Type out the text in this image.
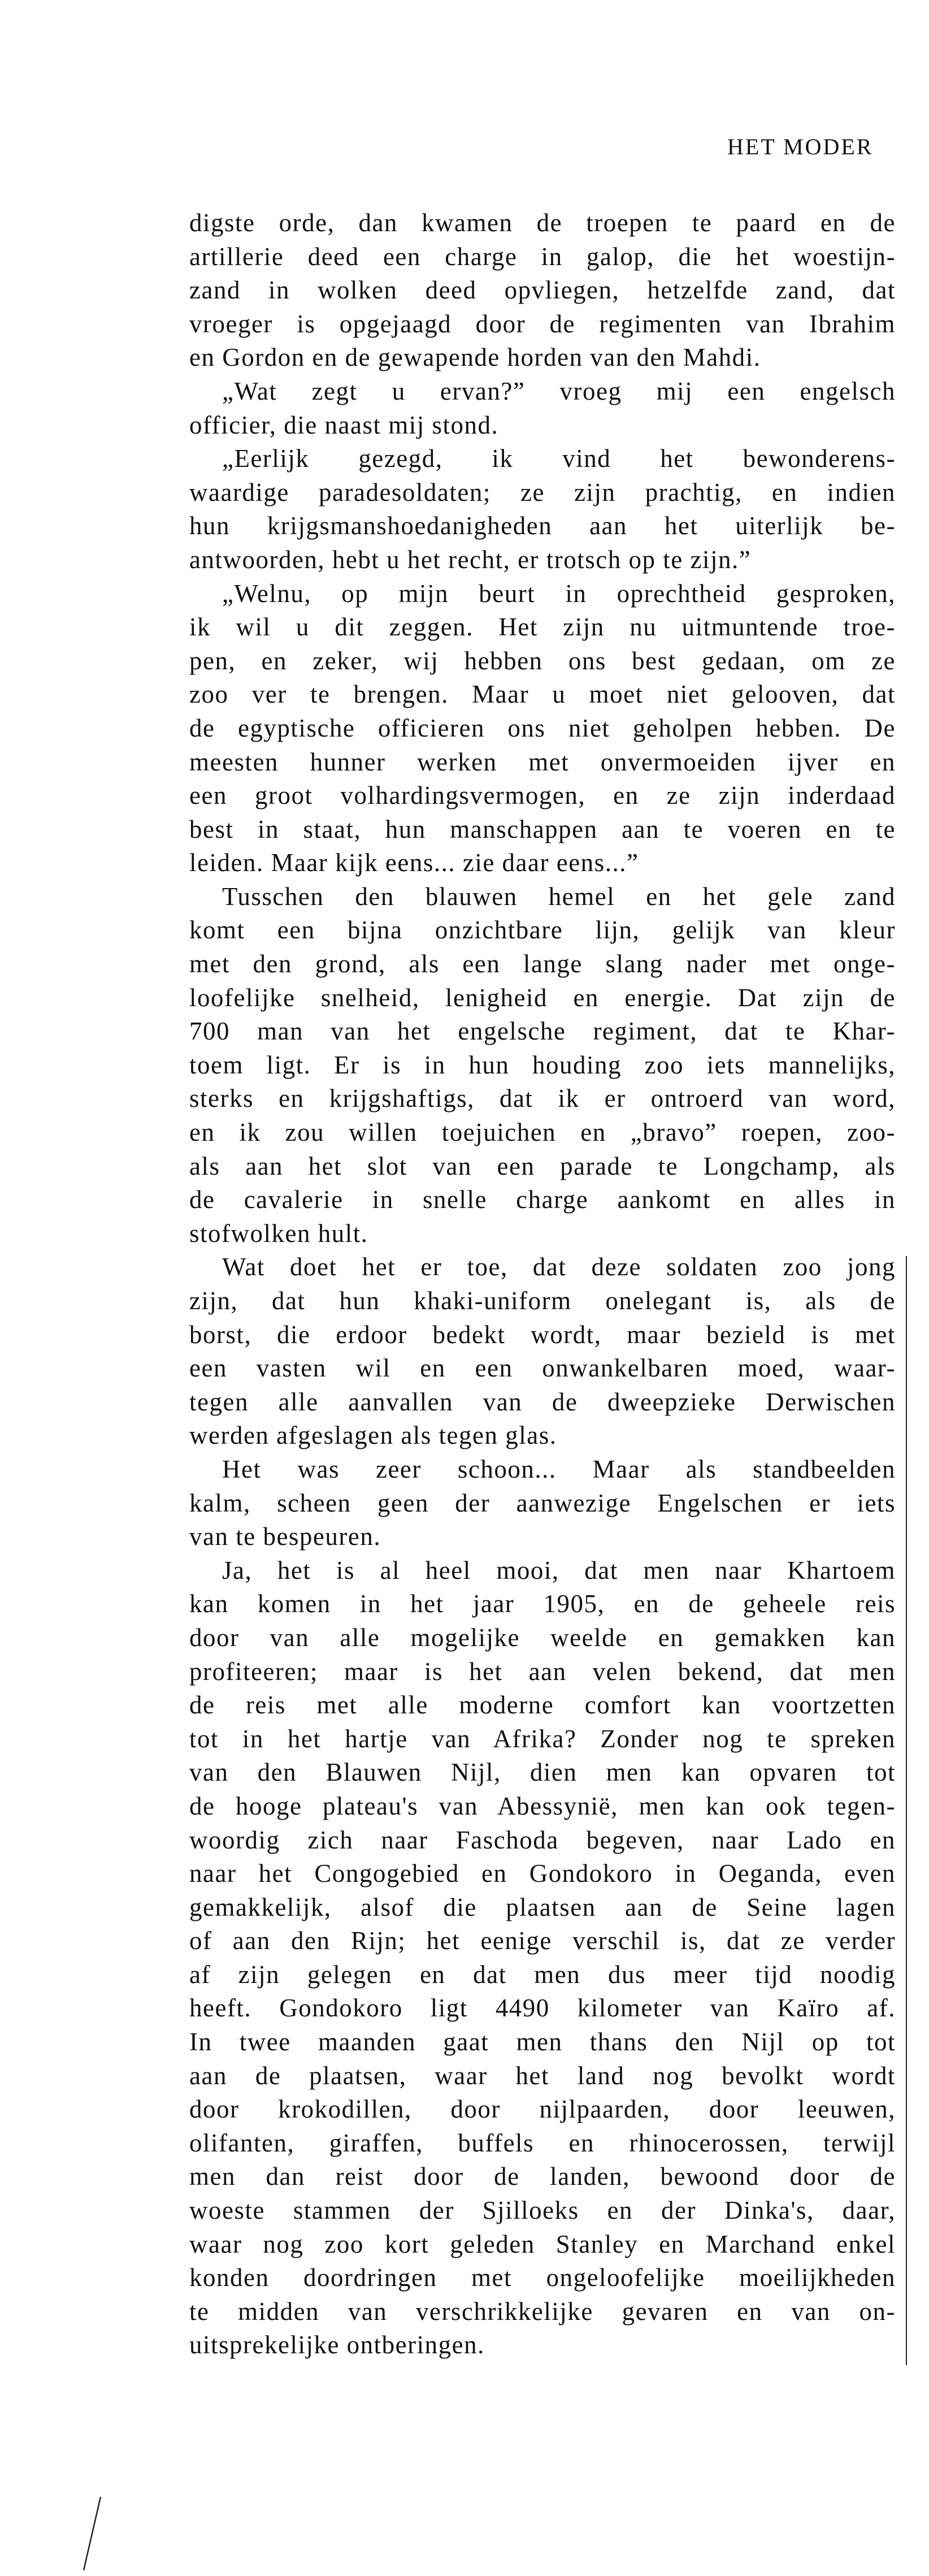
HET MODER
digste orde, dan kwamen de troepen te paard en de
artillerie deed een charge in galop, die het woestijn-
zand in wolken deed opvliegen, hetzelfde zand, dat
vroeger is opgejaagd door de regimenten van Ibrahim
en Gordon en de gewapende horden van den Mahdi.
„Wat zegt u ervan?” vroeg mij een engelsch
officier, die naast mij stond.
„Eerlijk gezegd, ik vind het bewonderens-
waardige paradesoldaten; ze zijn prachtig, en indien
hun krijgsmanshoedanigheden aan het uiterlijk be-
antwoorden, hebt u het recht, er trotsch op te zijn.”
„Welnu, op mijn beurt in oprechtheid gesproken,
ik wil u dit zeggen. Het zijn nu uitmuntende troe-
pen, en zeker, wij hebben ons best gedaan, om ze
zoo ver te brengen. Maar u moet niet gelooven, dat
de egyptische officieren ons niet geholpen hebben. De
meesten hunner werken met onvermoeiden ijver en
een groot volhardingsvermogen, en ze zijn inderdaad
best in staat, hun manschappen aan te voeren en te
leiden. Maar kijk eens... zie daar eens...”
Tusschen den blauwen hemel en het gele zand
komt een bijna onzichtbare lijn, gelijk van kleur
met den grond, als een lange slang nader met onge-
loofelijke snelheid, lenigheid en energie. Dat zijn de
700 man van het engelsche regiment, dat te Khar-
toem ligt. Er is in hun houding zoo iets mannelijks,
sterks en krijgshaftigs, dat ik er ontroerd van word,
en ik zou willen toejuichen en „bravo” roepen, zoo-
als aan het slot van een parade te Longchamp, als
de cavalerie in snelle charge aankomt en alles in
stofwolken hult.
Wat doet het er toe, dat deze soldaten zoo jong
zijn, dat hun khaki-uniform onelegant is, als de
borst, die erdoor bedekt wordt, maar bezield is met
een vasten wil en een onwankelbaren moed, waar-
tegen alle aanvallen van de dweepzieke Derwischen
werden afgeslagen als tegen glas.
Het was zeer schoon... Maar als standbeelden
kalm, scheen geen der aanwezige Engelschen er iets
van te bespeuren.
Ja, het is al heel mooi, dat men naar Khartoem
kan komen in het jaar 1905, en de geheele reis
door van alle mogelijke weelde en gemakken kan
profiteeren; maar is het aan velen bekend, dat men
de reis met alle moderne comfort kan voortzetten
tot in het hartje van Afrika? Zonder nog te spreken
van den Blauwen Nijl, dien men kan opvaren tot
de hooge plateau's van Abessynië, men kan ook tegen-
woordig zich naar Faschoda begeven, naar Lado en
naar het Congogebied en Gondokoro in Oeganda, even
gemakkelijk, alsof die plaatsen aan de Seine lagen
of aan den Rijn; het eenige verschil is, dat ze verder
af zijn gelegen en dat men dus meer tijd noodig
heeft. Gondokoro ligt 4490 kilometer van Kaïro af.
In twee maanden gaat men thans den Nijl op tot
aan de plaatsen, waar het land nog bevolkt wordt
door krokodillen, door nijlpaarden, door leeuwen,
olifanten, giraffen, buffels en rhinocerossen, terwijl
men dan reist door de landen, bewoond door de
woeste stammen der Sjilloeks en der Dinka's, daar,
waar nog zoo kort geleden Stanley en Marchand enkel
konden doordringen met ongeloofelijke moeilijkheden
te midden van verschrikkelijke gevaren en van on-
uitsprekelijke ontberingen.
